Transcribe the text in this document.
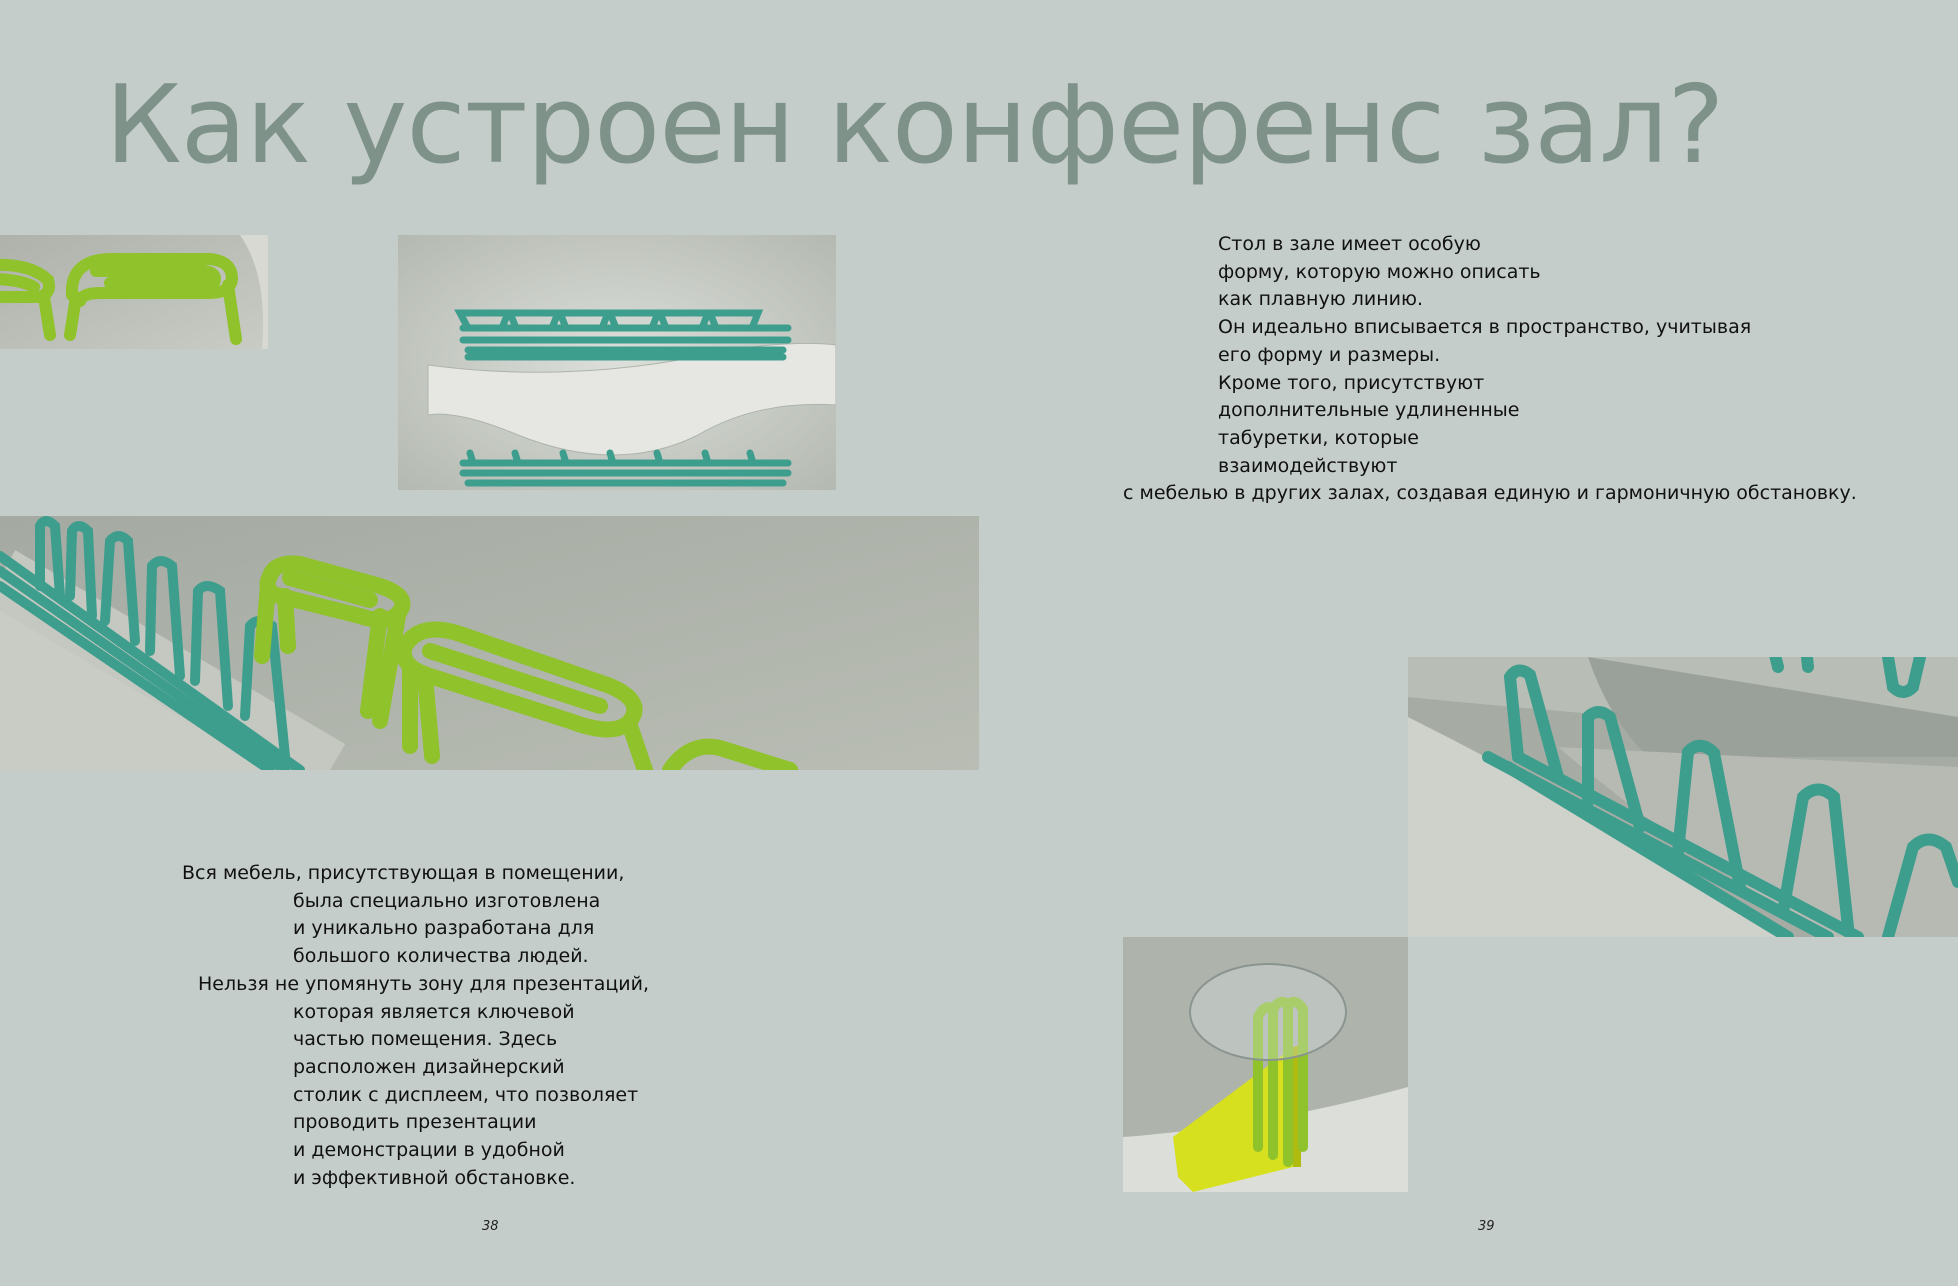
Как устроен конференс зал?
Стол в зале имеет особую
форму, которую можно описать
как плавную линию.
Он идеально вписывается в пространство, учитывая
его форму и размеры.
Кроме того, присутствуют
дополнительные удлиненные
табуретки, которые
взаимодействуют
с мебелью в других залах, создавая единую и гармоничную обстановку.
Вся мебель, присутствующая в помещении,
была специально изготовлена
и уникально разработана для
большого количества людей.
Нельзя не упомянуть зону для презентаций,
которая является ключевой
частью помещения. Здесь
расположен дизайнерский
столик с дисплеем, что позволяет
проводить презентации
и демонстрации в удобной
и эффективной обстановке.
38	39
